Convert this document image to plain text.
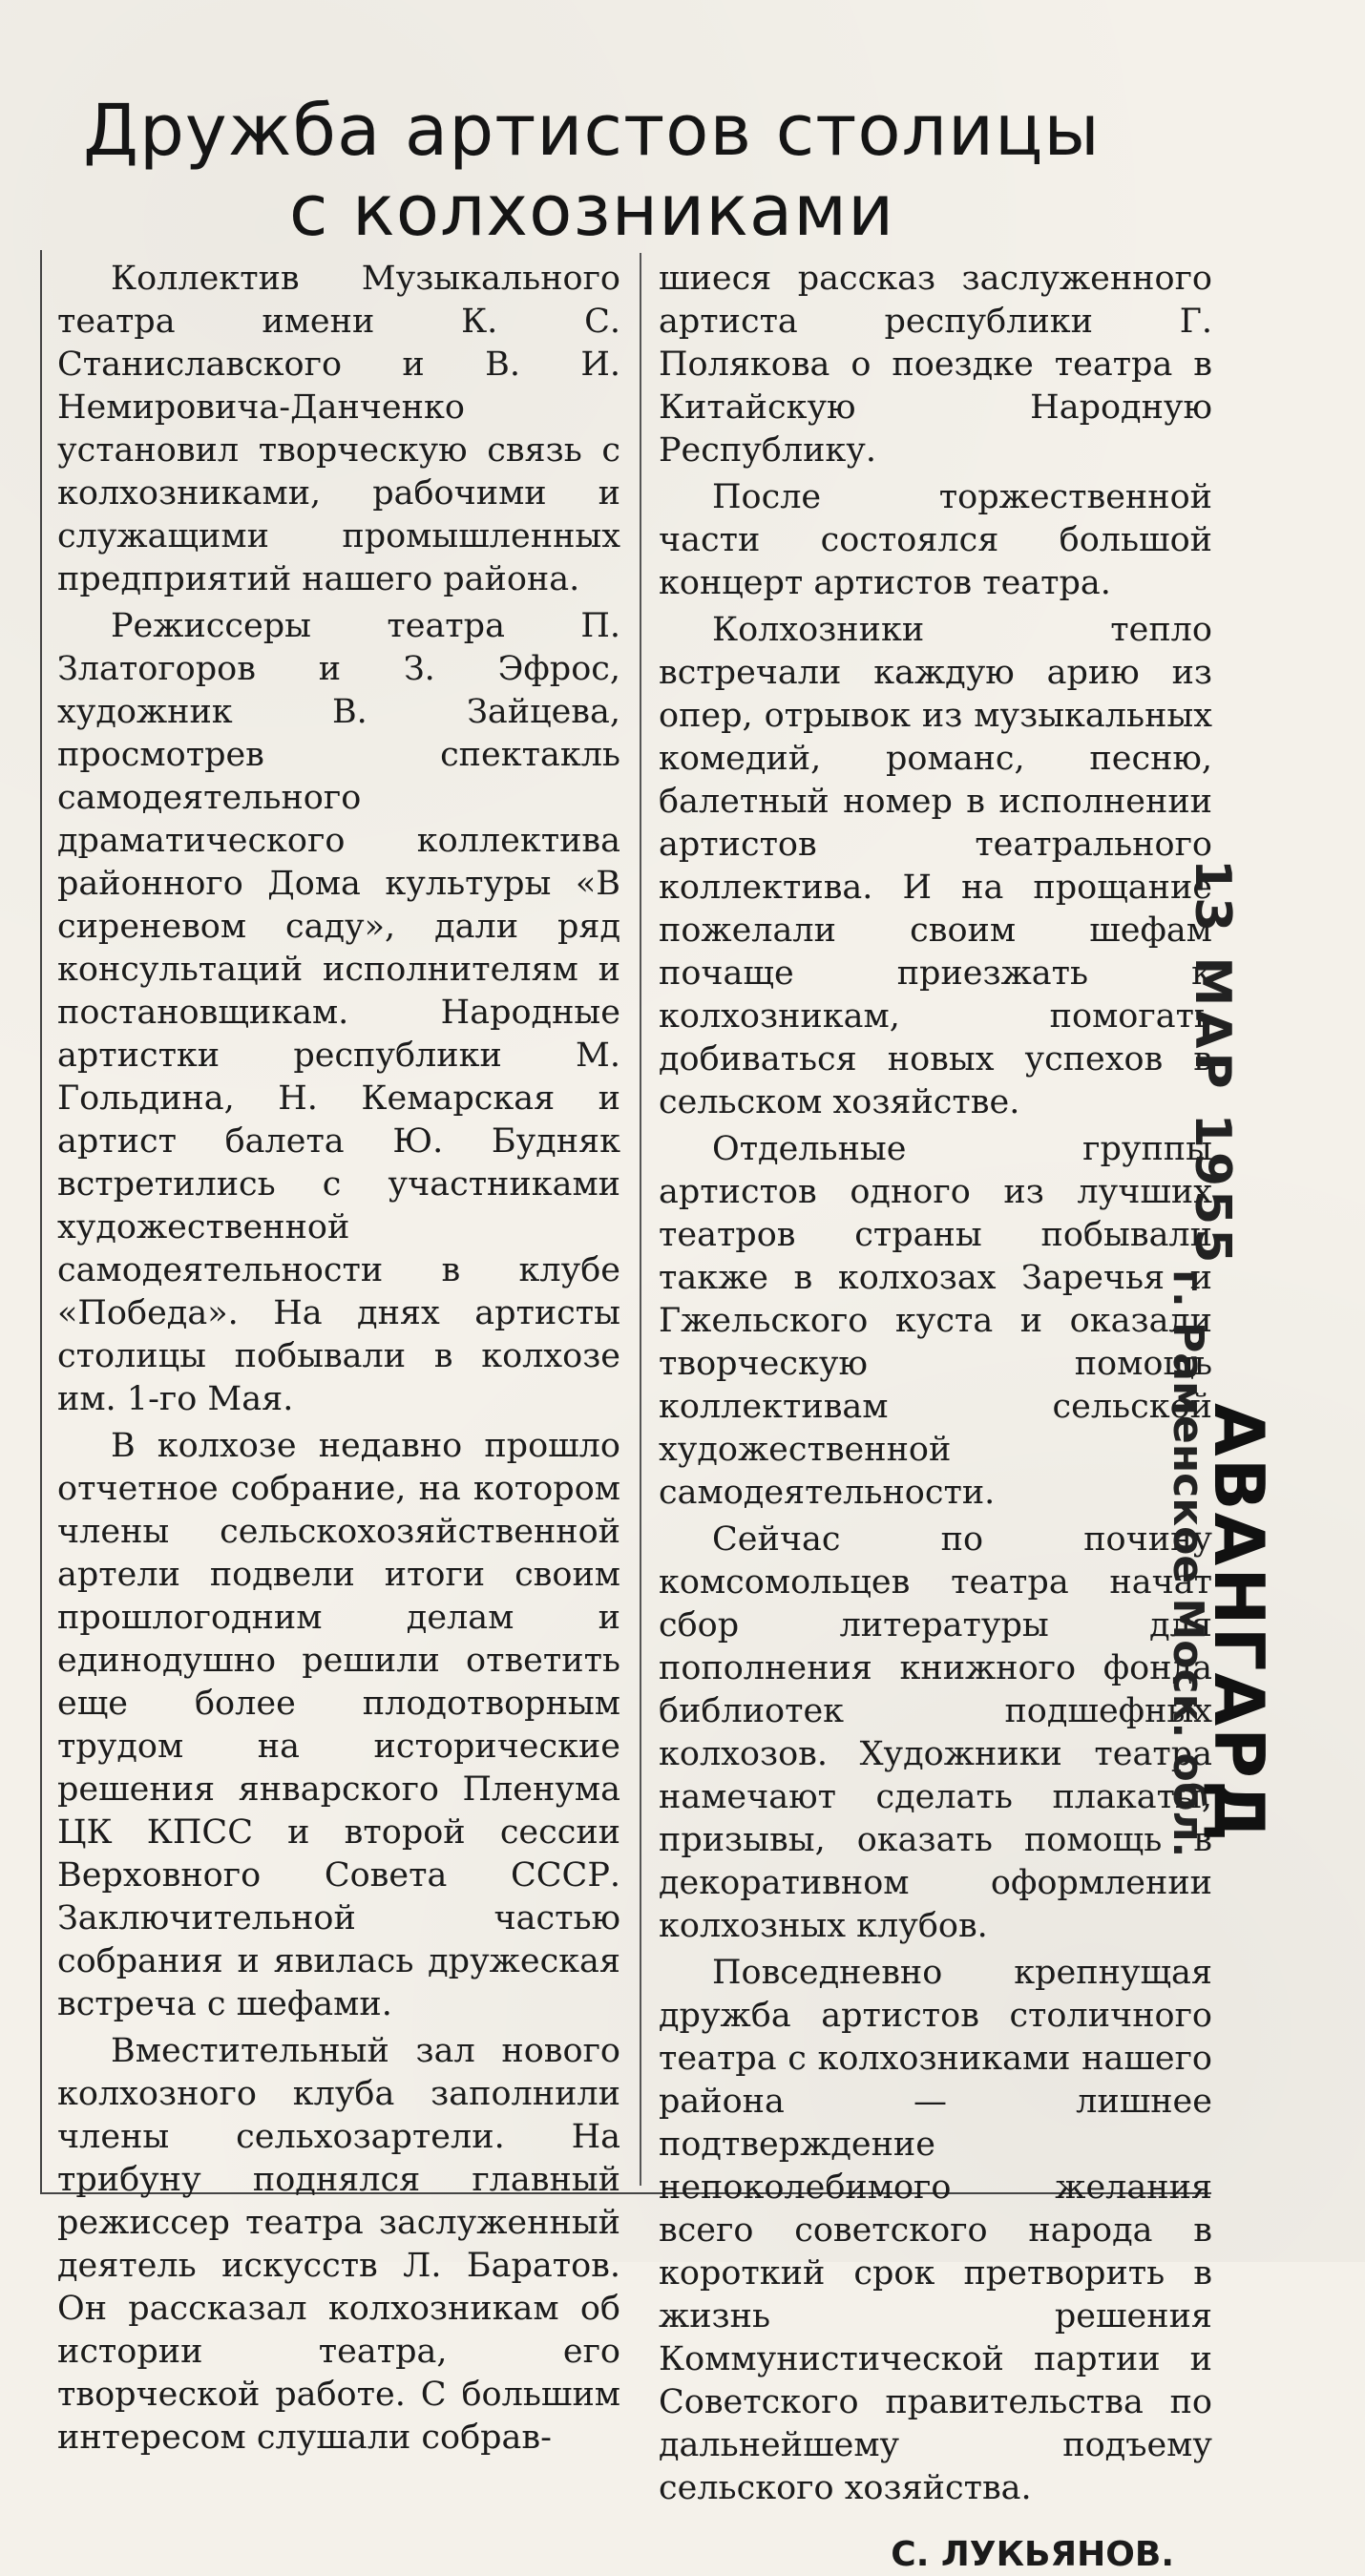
Дружба артистов столицы
с колхозниками

Коллектив Музыкального театра имени К. С. Станиславского и В. И. Немировича-Данченко установил творческую связь с колхозниками, рабочими и служащими промышленных предприятий нашего района.

Режиссеры театра П. Златогоров и З. Эфрос, художник В. Зайцева, просмотрев спектакль самодеятельного драматического коллектива районного Дома культуры «В сиреневом саду», дали ряд консультаций исполнителям и постановщикам. Народные артистки республики М. Гольдина, Н. Кемарская и артист балета Ю. Будняк встретились с участниками художественной самодеятельности в клубе «Победа». На днях артисты столицы побывали в колхозе им. 1-го Мая.

В колхозе недавно прошло отчетное собрание, на котором члены сельскохозяйственной артели подвели итоги своим прошлогодним делам и единодушно решили ответить еще более плодотворным трудом на исторические решения январского Пленума ЦК КПСС и второй сессии Верховного Совета СССР. Заключительной частью собрания и явилась дружеская встреча с шефами.

Вместительный зал нового колхозного клуба заполнили члены сельхозартели. На трибуну поднялся главный режиссер театра заслуженный деятель искусств Л. Баратов. Он рассказал колхозникам об истории театра, его творческой работе. С большим интересом слушали собрав-

шиеся рассказ заслуженного артиста республики Г. Полякова о поездке театра в Китайскую Народную Республику.

После торжественной части состоялся большой концерт артистов театра.

Колхозники тепло встречали каждую арию из опер, отрывок из музыкальных комедий, романс, песню, балетный номер в исполнении артистов театрального коллектива. И на прощание пожелали своим шефам почаще приезжать к колхозникам, помогать добиваться новых успехов в сельском хозяйстве.

Отдельные группы артистов одного из лучших театров страны побывали также в колхозах Заречья и Гжельского куста и оказали творческую помощь коллективам сельской художественной самодеятельности.

Сейчас по почину комсомольцев театра начат сбор литературы для пополнения книжного фонда библиотек подшефных колхозов. Художники театра намечают сделать плакаты, призывы, оказать помощь в декоративном оформлении колхозных клубов.

Повседневно крепнущая дружба артистов столичного театра с колхозниками нашего района — лишнее подтверждение непоколебимого желания всего советского народа в короткий срок претворить в жизнь решения Коммунистической партии и Советского правительства по дальнейшему подъему сельского хозяйства.

С. ЛУКЬЯНОВ.
13 МАР 1955
г. Раменское Моск. обл.
АВАНГАРД
